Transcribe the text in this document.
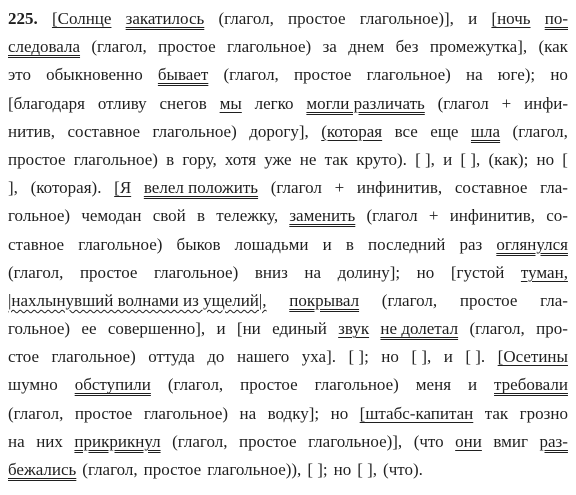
225. [Солнце закатилось (глагол, простое глагольное)], и [ночь по-
следовала (глагол, простое глагольное) за днем без промежутка], (как
это обыкновенно бывает (глагол, простое глагольное) на юге); но
[благодаря отливу снегов мы легко могли различать (глагол + инфи-
нитив, составное глагольное) дорогу], (которая все еще шла (глагол,
простое глагольное) в гору, хотя уже не так круто). [ ], и [ ], (как); но [
], (которая). [Я велел положить (глагол + инфинитив, составное гла-
гольное) чемодан свой в тележку, заменить (глагол + инфинитив, со-
ставное глагольное) быков лошадьми и в последний раз оглянулся
(глагол, простое глагольное) вниз на долину]; но [густой туман,
|нахлынувший волнами из ущелий|, покрывал (глагол, простое гла-
гольное) ее совершенно], и [ни единый звук не долетал (глагол, про-
стое глагольное) оттуда до нашего уха]. [ ]; но [ ], и [ ]. [Осетины
шумно обступили (глагол, простое глагольное) меня и требовали
(глагол, простое глагольное) на водку]; но [штабс-капитан так грозно
на них прикрикнул (глагол, простое глагольное)], (что они вмиг раз-
бежались (глагол, простое глагольное)), [ ]; но [ ], (что).
